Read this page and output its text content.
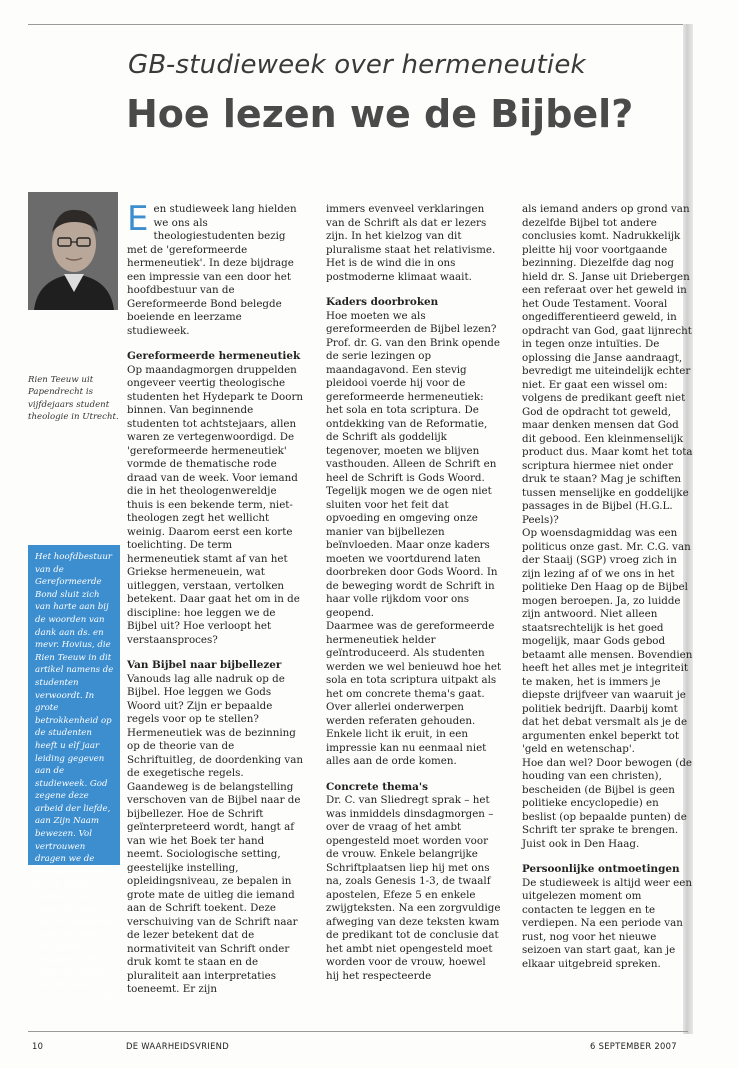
GB-studieweek over hermeneutiek
Hoe lezen we de Bijbel?
Rien Teeuw uit Papendrecht is vijfdejaars student theologie in Utrecht.
Het hoofdbestuur van de Gereformeerde Bond sluit zich van harte aan bij de woorden van dank aan ds. en mevr. Hovius, die Rien Teeuw in dit artikel namens de studenten verwoordt. In grote betrokkenheid op de studenten heeft u elf jaar leiding gegeven aan de studieweek. God zegene deze arbeid der liefde, aan Zijn Naam bewezen. Vol vertrouwen dragen we de leiding over aan ds. en mevr. Koeman, die reeds één dag met de studenten kennismaakten. We wensen u vreugde in dit werk ten dienste van de kerk.
PJV
E en studieweek lang hielden we ons als theologiestudenten bezig met de 'gereformeerde hermeneutiek'. In deze bijdrage een impressie van een door het hoofdbestuur van de Gereformeerde Bond belegde boeiende en leerzame studieweek.

Gereformeerde hermeneutiek

Op maandagmorgen druppelden ongeveer veertig theologische studenten het Hydepark te Doorn binnen. Van beginnende studenten tot achtstejaars, allen waren ze vertegenwoordigd. De 'gereformeerde hermeneutiek' vormde de thematische rode draad van de week. Voor iemand die in het theologenwereldje thuis is een bekende term, niet-theologen zegt het wellicht weinig. Daarom eerst een korte toelichting. De term hermeneutiek stamt af van het Griekse hermeneuein, wat uitleggen, verstaan, vertolken betekent. Daar gaat het om in de discipline: hoe leggen we de Bijbel uit? Hoe verloopt het verstaansproces?

Van Bijbel naar bijbellezer

Vanouds lag alle nadruk op de Bijbel. Hoe leggen we Gods Woord uit? Zijn er bepaalde regels voor op te stellen? Hermeneutiek was de bezinning op de theorie van de Schriftuitleg, de doordenking van de exegetische regels. Gaandeweg is de belangstelling verschoven van de Bijbel naar de bijbellezer. Hoe de Schrift geïnterpreteerd wordt, hangt af van wie het Boek ter hand neemt. Sociologische setting, geestelijke instelling, opleidingsniveau, ze bepalen in grote mate de uitleg die iemand aan de Schrift toekent. Deze verschuiving van de Schrift naar de lezer betekent dat de normativiteit van Schrift onder druk komt te staan en de pluraliteit aan interpretaties toeneemt. Er zijn

immers evenveel verklaringen van de Schrift als dat er lezers zijn. In het kielzog van dit pluralisme staat het relativisme. Het is de wind die in ons postmoderne klimaat waait.

Kaders doorbroken

Hoe moeten we als gereformeerden de Bijbel lezen? Prof. dr. G. van den Brink opende de serie lezingen op maandagavond. Een stevig pleidooi voerde hij voor de gereformeerde hermeneutiek: het sola en tota scriptura. De ontdekking van de Reformatie, de Schrift als goddelijk tegenover, moeten we blijven vasthouden. Alleen de Schrift en heel de Schrift is Gods Woord. Tegelijk mogen we de ogen niet sluiten voor het feit dat opvoeding en omgeving onze manier van bijbellezen beïnvloeden. Maar onze kaders moeten we voortdurend laten doorbreken door Gods Woord. In de beweging wordt de Schrift in haar volle rijkdom voor ons geopend.

Daarmee was de gereformeerde hermeneutiek helder geïntroduceerd. Als studenten werden we wel benieuwd hoe het sola en tota scriptura uitpakt als het om concrete thema's gaat. Over allerlei onderwerpen werden referaten gehouden. Enkele licht ik eruit, in een impressie kan nu eenmaal niet alles aan de orde komen.

Concrete thema's

Dr. C. van Sliedregt sprak – het was inmiddels dinsdagmorgen – over de vraag of het ambt opengesteld moet worden voor de vrouw. Enkele belangrijke Schriftplaatsen liep hij met ons na, zoals Genesis 1-3, de twaalf apostelen, Efeze 5 en enkele zwijgteksten. Na een zorgvuldige afweging van deze teksten kwam de predikant tot de conclusie dat het ambt niet opengesteld moet worden voor de vrouw, hoewel hij het respecteerde

als iemand anders op grond van dezelfde Bijbel tot andere conclusies komt. Nadrukkelijk pleitte hij voor voortgaande bezinning. Diezelfde dag nog hield dr. S. Janse uit Driebergen een referaat over het geweld in het Oude Testament. Vooral ongedifferentieerd geweld, in opdracht van God, gaat lijnrecht in tegen onze intuïties. De oplossing die Janse aandraagt, bevredigt me uiteindelijk echter niet. Er gaat een wissel om: volgens de predikant geeft niet God de opdracht tot geweld, maar denken mensen dat God dit gebood. Een kleinmenselijk product dus. Maar komt het tota scriptura hiermee niet onder druk te staan? Mag je schiften tussen menselijke en goddelijke passages in de Bijbel (H.G.L. Peels)?

Op woensdagmiddag was een politicus onze gast. Mr. C.G. van der Staaij (SGP) vroeg zich in zijn lezing af of we ons in het politieke Den Haag op de Bijbel mogen beroepen. Ja, zo luidde zijn antwoord. Niet alleen staatsrechtelijk is het goed mogelijk, maar Gods gebod betaamt alle mensen. Bovendien heeft het alles met je integriteit te maken, het is immers je diepste drijfveer van waaruit je politiek bedrijft. Daarbij komt dat het debat versmalt als je de argumenten enkel beperkt tot 'geld en wetenschap'.

Hoe dan wel? Door bewogen (de houding van een christen), bescheiden (de Bijbel is geen politieke encyclopedie) en beslist (op bepaalde punten) de Schrift ter sprake te brengen. Juist ook in Den Haag.

Persoonlijke ontmoetingen

De studieweek is altijd weer een uitgelezen moment om contacten te leggen en te verdiepen. Na een periode van rust, nog voor het nieuwe seizoen van start gaat, kan je elkaar uitgebreid spreken.

10	DE WAARHEIDSVRIEND	6 SEPTEMBER 2007
